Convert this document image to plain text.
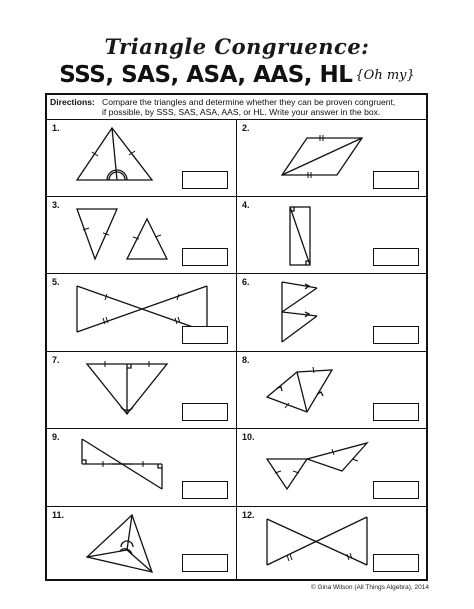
Triangle Congruence:
SSS, SAS, ASA, AAS, HL {Oh my}
Directions: Compare the triangles and determine whether they can be proven congruent,
if possible, by SSS, SAS, ASA, AAS, or HL. Write your answer in the box.
1.	2.
3.	4.
5.	6.
7.	8.
9.	10.
11.	12.
© Gina Wilson (All Things Algebra), 2014
